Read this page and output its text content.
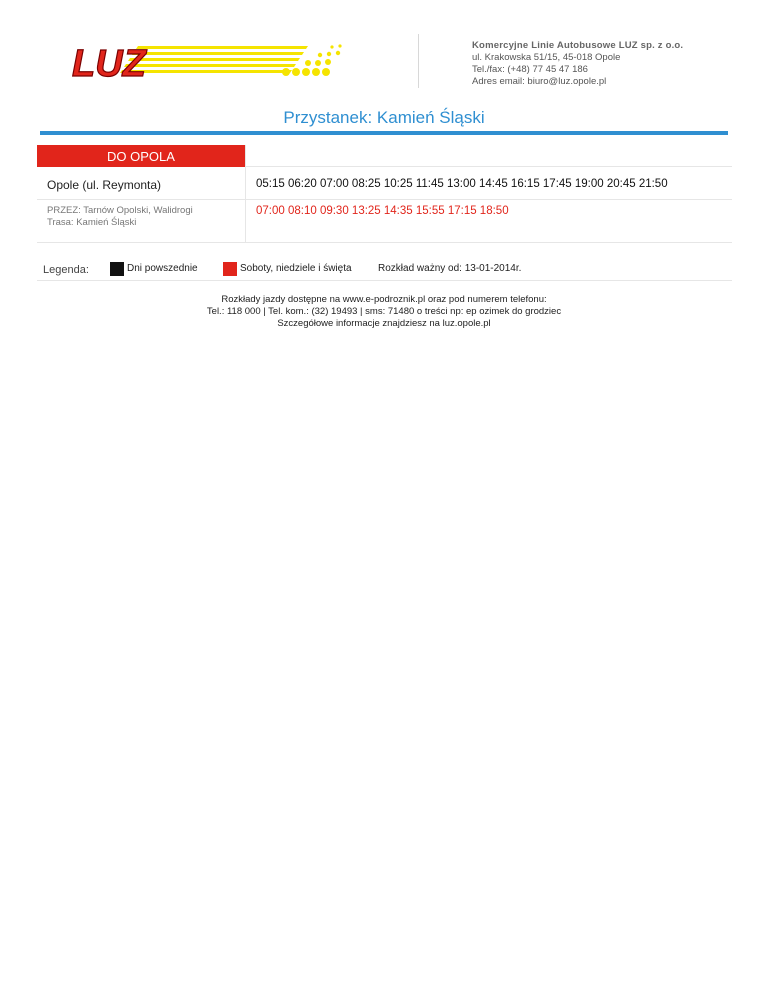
LUZ	Komercyjne Linie Autobusowe LUZ sp. z o.o.
ul. Krakowska 51/15, 45-018 Opole
Tel./fax: (+48) 77 45 47 186
Adres email: biuro@luz.opole.pl
Przystanek: Kamień Śląski
DO OPOLA
Opole (ul. Reymonta)	05:15 06:20 07:00 08:25 10:25 11:45 13:00 14:45 16:15 17:45 19:00 20:45 21:50
PRZEZ: Tarnów Opolski, Walidrogi
Trasa: Kamień Śląski
07:00 08:10 09:30 13:25 14:35 15:55 17:15 18:50
Legenda:	Dni powszednie	Soboty, niedziele i święta	Rozkład ważny od: 13-01-2014r.
Rozkłady jazdy dostępne na www.e-podroznik.pl oraz pod numerem telefonu:
Tel.: 118 000 | Tel. kom.: (32) 19493 | sms: 71480 o treści np: ep ozimek do grodziec
Szczegółowe informacje znajdziesz na luz.opole.pl
